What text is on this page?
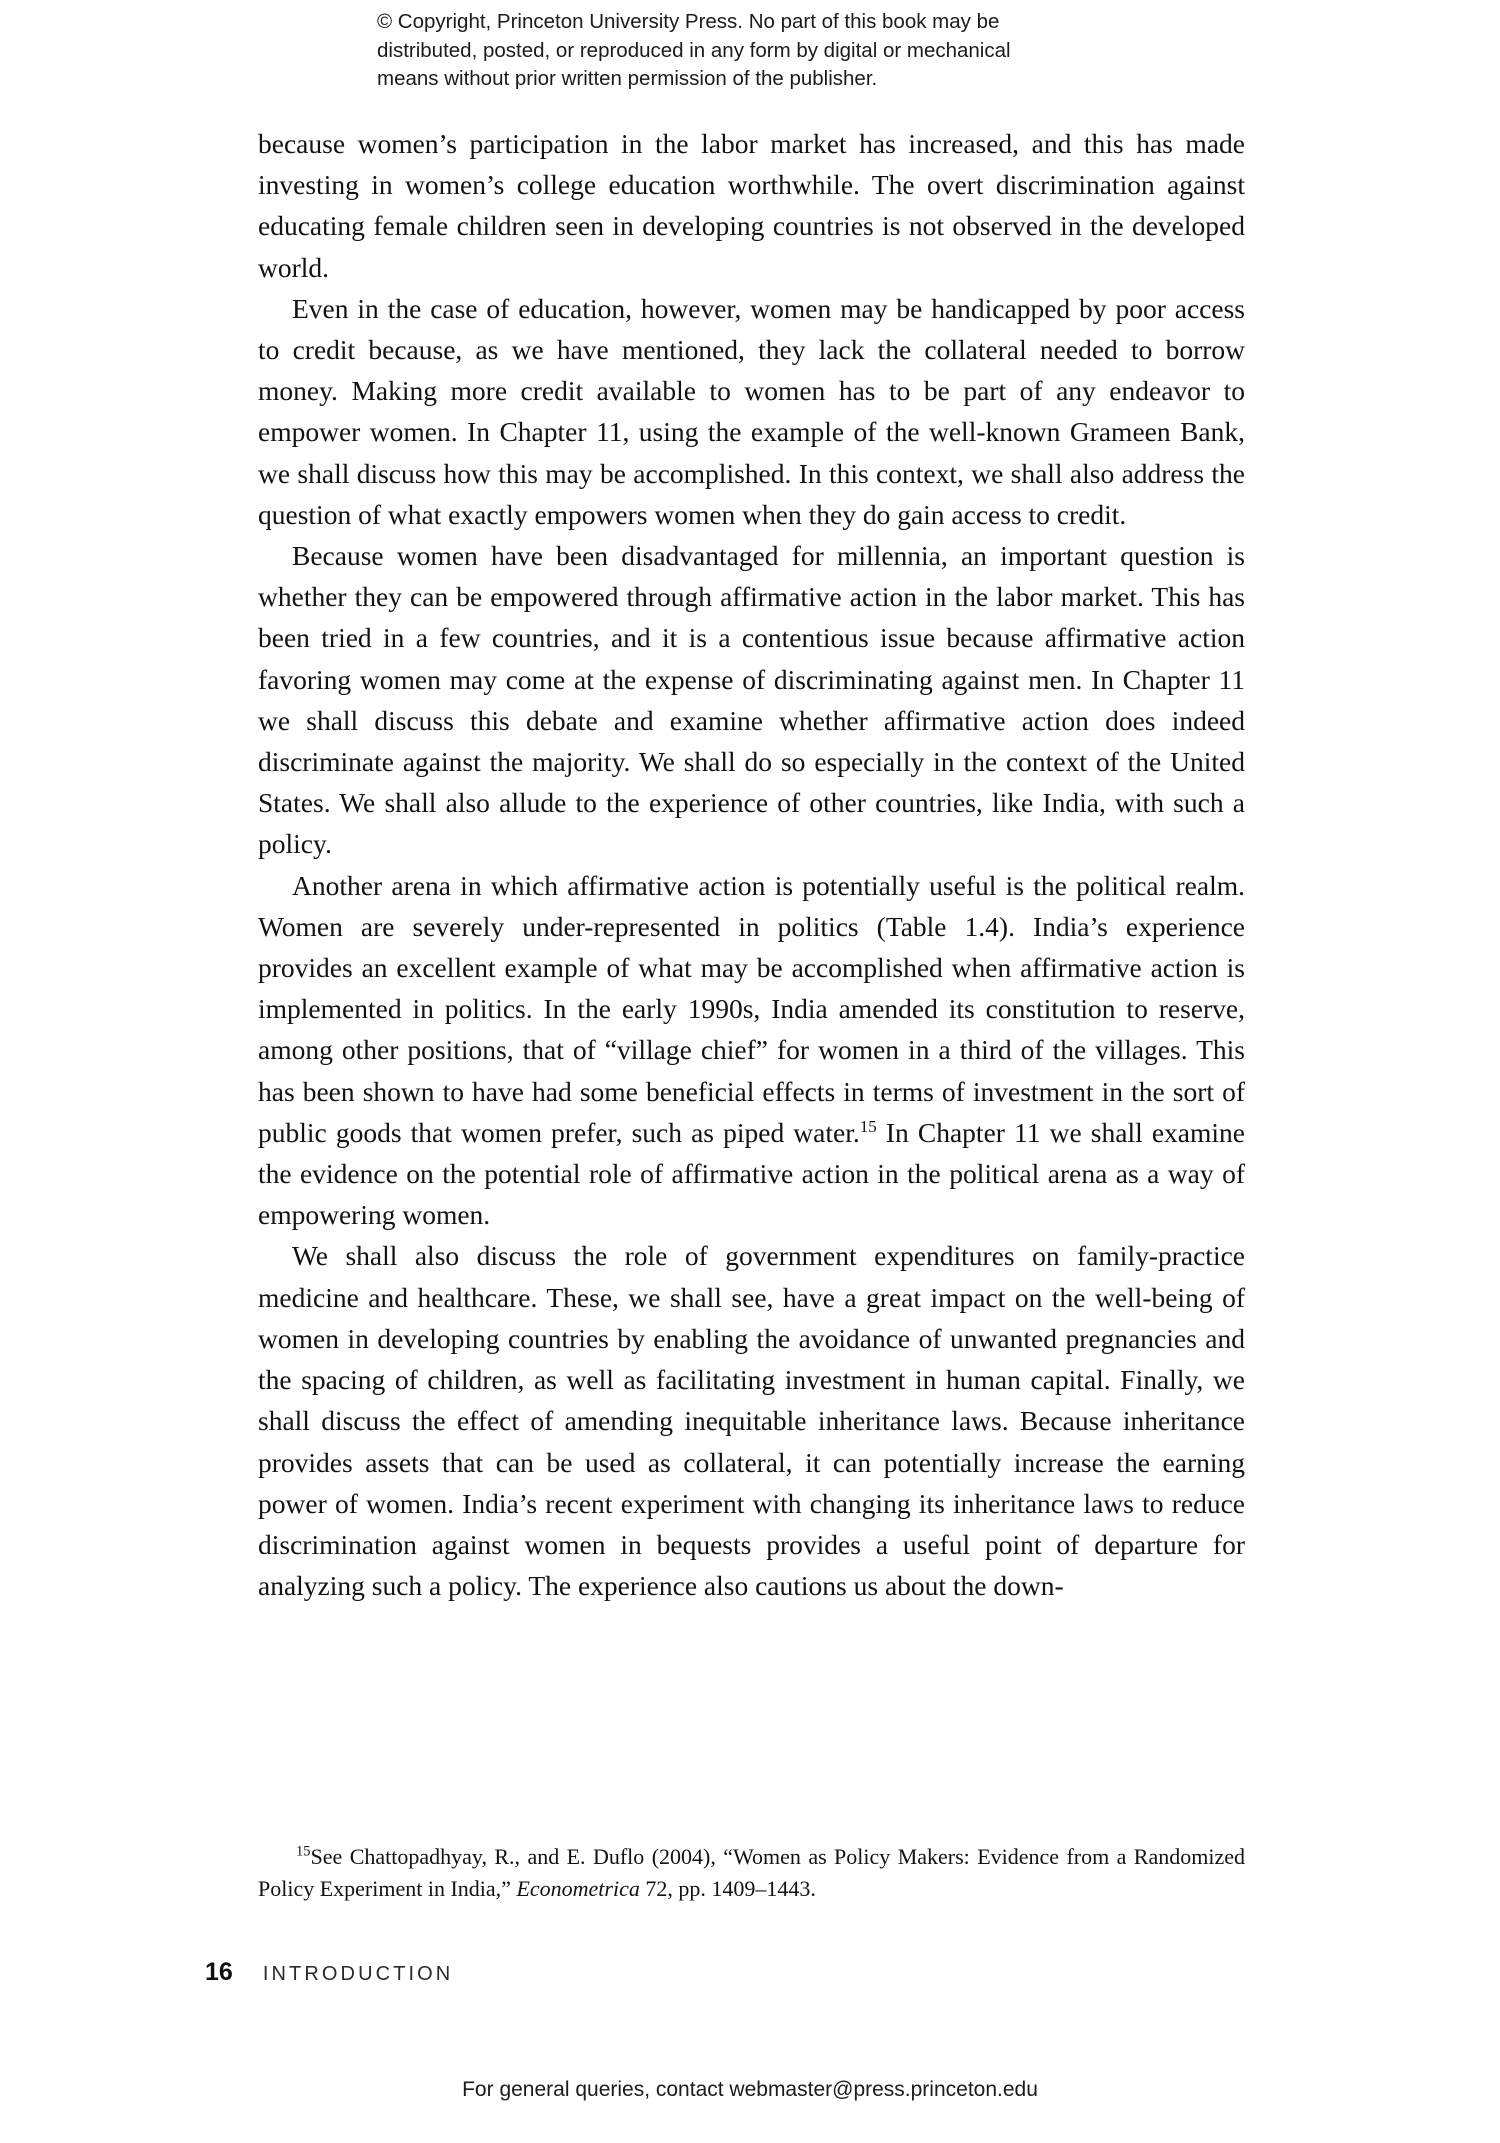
© Copyright, Princeton University Press. No part of this book may be
distributed, posted, or reproduced in any form by digital or mechanical
means without prior written permission of the publisher.

because women’s participation in the labor market has increased, and this has made investing in women’s college education worthwhile. The overt discrimination against educating female children seen in developing countries is not observed in the developed world.

Even in the case of education, however, women may be handicapped by poor access to credit because, as we have mentioned, they lack the collateral needed to borrow money. Making more credit available to women has to be part of any endeavor to empower women. In Chapter 11, using the example of the well-known Grameen Bank, we shall discuss how this may be accomplished. In this context, we shall also address the question of what exactly empowers women when they do gain access to credit.

Because women have been disadvantaged for millennia, an important question is whether they can be empowered through affirmative action in the labor market. This has been tried in a few countries, and it is a contentious issue because affirmative action favoring women may come at the expense of discriminating against men. In Chapter 11 we shall discuss this debate and examine whether affirmative action does indeed discriminate against the majority. We shall do so especially in the context of the United States. We shall also allude to the experience of other countries, like India, with such a policy.

Another arena in which affirmative action is potentially useful is the political realm. Women are severely under-represented in politics (Table 1.4). India’s experience provides an excellent example of what may be accomplished when affirmative action is implemented in politics. In the early 1990s, India amended its constitution to reserve, among other positions, that of “village chief” for women in a third of the villages. This has been shown to have had some beneficial effects in terms of investment in the sort of public goods that women prefer, such as piped water.$^{15}$ In Chapter 11 we shall examine the evidence on the potential role of affirmative action in the political arena as a way of empowering women.

We shall also discuss the role of government expenditures on family-practice medicine and healthcare. These, we shall see, have a great impact on the well-being of women in developing countries by enabling the avoidance of unwanted pregnancies and the spacing of children, as well as facilitating investment in human capital. Finally, we shall discuss the effect of amending inequitable inheritance laws. Because inheritance provides assets that can be used as collateral, it can potentially increase the earning power of women. India’s recent experiment with changing its inheritance laws to reduce discrimination against women in bequests provides a useful point of departure for analyzing such a policy. The experience also cautions us about the down-

$^{15}$See Chattopadhyay, R., and E. Duflo (2004), “Women as Policy Makers: Evidence from a Randomized Policy Experiment in India,” Econometrica 72, pp. 1409–1443.
16 INTRODUCTION
For general queries, contact webmaster@press.princeton.edu
